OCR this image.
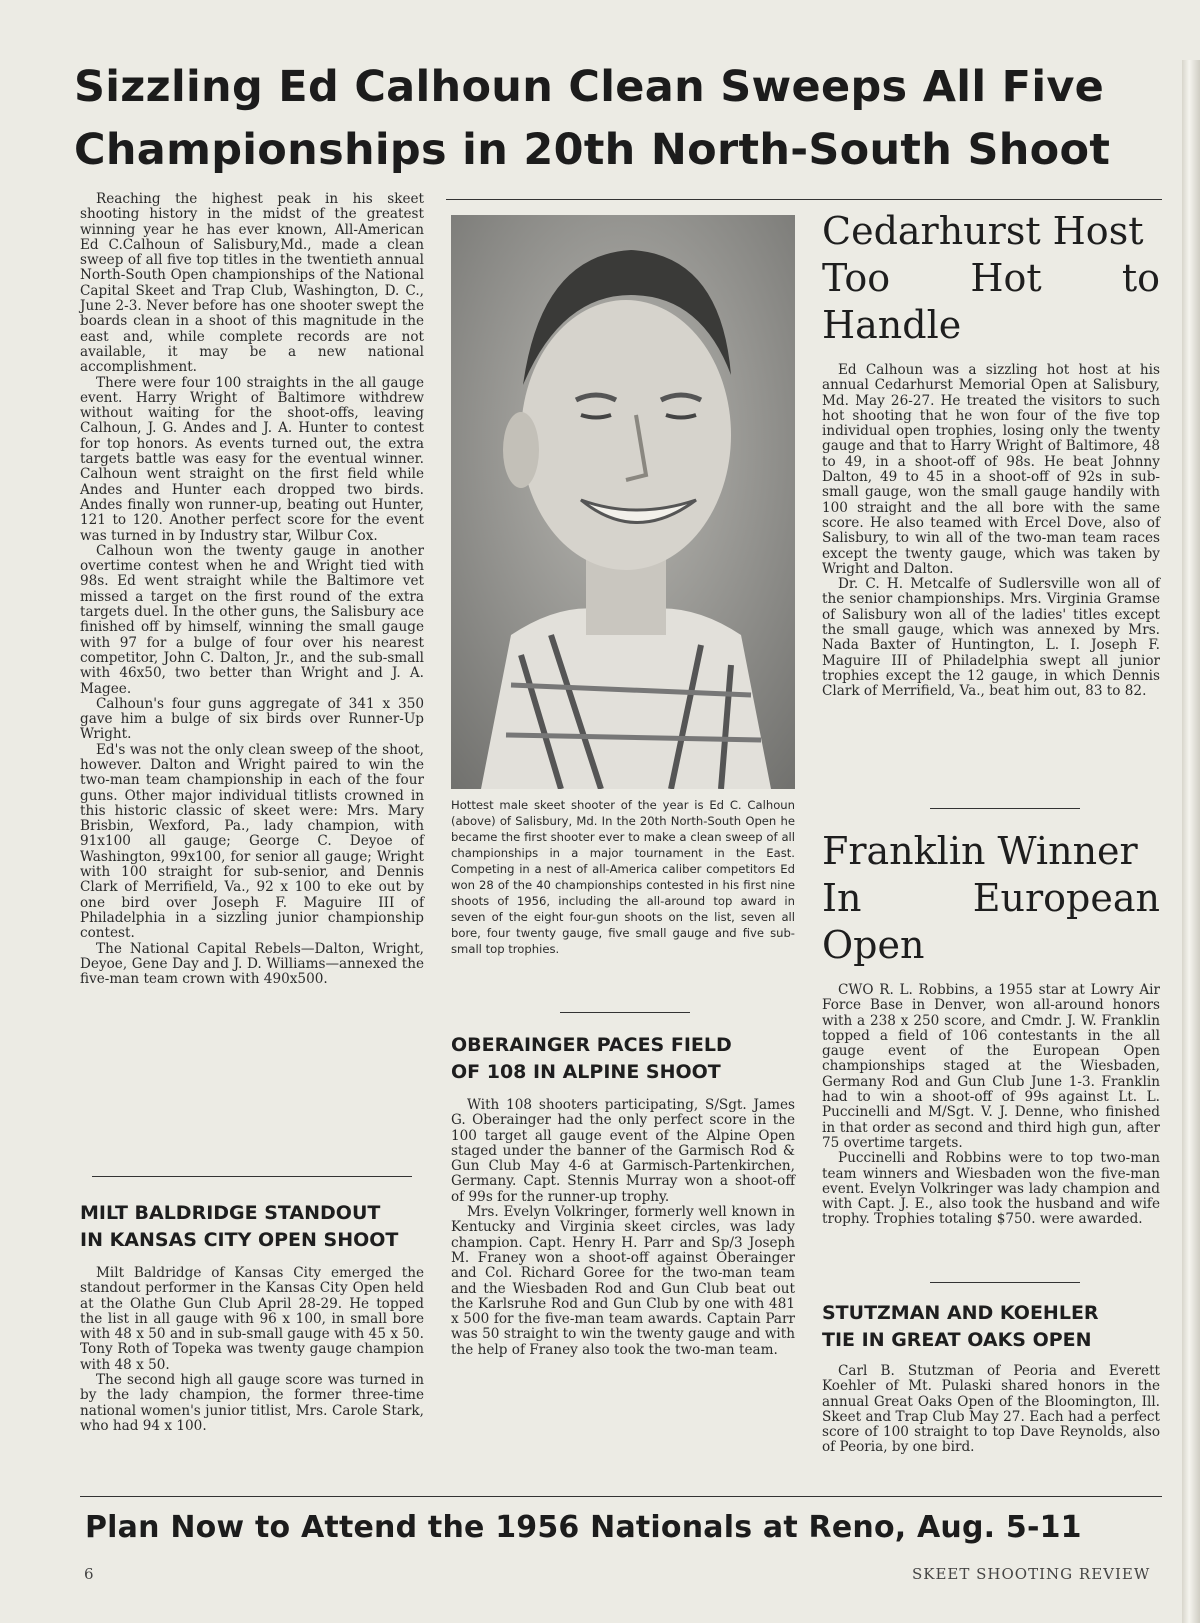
Sizzling Ed Calhoun Clean Sweeps All Five
Championships in 20th North-South Shoot

Reaching the highest peak in his skeet shooting history in the midst of the greatest winning year he has ever known, All-American Ed C.Calhoun of Salisbury,Md., made a clean sweep of all five top titles in the twentieth annual North-South Open championships of the National Capital Skeet and Trap Club, Washington, D. C., June 2-3. Never before has one shooter swept the boards clean in a shoot of this magnitude in the east and, while complete records are not available, it may be a new national accomplishment.

There were four 100 straights in the all gauge event. Harry Wright of Baltimore withdrew without waiting for the shoot-offs, leaving Calhoun, J. G. Andes and J. A. Hunter to contest for top honors. As events turned out, the extra targets battle was easy for the eventual winner. Calhoun went straight on the first field while Andes and Hunter each dropped two birds. Andes finally won runner-up, beating out Hunter, 121 to 120. Another perfect score for the event was turned in by Industry star, Wilbur Cox.

Calhoun won the twenty gauge in another overtime contest when he and Wright tied with 98s. Ed went straight while the Baltimore vet missed a target on the first round of the extra targets duel. In the other guns, the Salisbury ace finished off by himself, winning the small gauge with 97 for a bulge of four over his nearest competitor, John C. Dalton, Jr., and the sub-small with 46x50, two better than Wright and J. A. Magee.

Calhoun's four guns aggregate of 341 x 350 gave him a bulge of six birds over Runner-Up Wright.

Ed's was not the only clean sweep of the shoot, however. Dalton and Wright paired to win the two-man team championship in each of the four guns. Other major individual titlists crowned in this historic classic of skeet were: Mrs. Mary Brisbin, Wexford, Pa., lady champion, with 91x100 all gauge; George C. Deyoe of Washington, 99x100, for senior all gauge; Wright with 100 straight for sub-senior, and Dennis Clark of Merrifield, Va., 92 x 100 to eke out by one bird over Joseph F. Maguire III of Philadelphia in a sizzling junior championship contest.

The National Capital Rebels—Dalton, Wright, Deyoe, Gene Day and J. D. Williams—annexed the five-man team crown with 490x500.

MILT BALDRIDGE STANDOUT
IN KANSAS CITY OPEN SHOOT

Milt Baldridge of Kansas City emerged the standout performer in the Kansas City Open held at the Olathe Gun Club April 28-29. He topped the list in all gauge with 96 x 100, in small bore with 48 x 50 and in sub-small gauge with 45 x 50. Tony Roth of Topeka was twenty gauge champion with 48 x 50.

The second high all gauge score was turned in by the lady champion, the former three-time national women's junior titlist, Mrs. Carole Stark, who had 94 x 100.

Hottest male skeet shooter of the year is Ed C. Calhoun (above) of Salisbury, Md. In the 20th North-South Open he became the first shooter ever to make a clean sweep of all championships in a major tournament in the East. Competing in a nest of all-America caliber competitors Ed won 28 of the 40 championships contested in his first nine shoots of 1956, including the all-around top award in seven of the eight four-gun shoots on the list, seven all bore, four twenty gauge, five small gauge and five sub-small top trophies.
OBERAINGER PACES FIELD
OF 108 IN ALPINE SHOOT

With 108 shooters participating, S/Sgt. James G. Oberainger had the only perfect score in the 100 target all gauge event of the Alpine Open staged under the banner of the Garmisch Rod & Gun Club May 4-6 at Garmisch-Partenkirchen, Germany. Capt. Stennis Murray won a shoot-off of 99s for the runner-up trophy.

Mrs. Evelyn Volkringer, formerly well known in Kentucky and Virginia skeet circles, was lady champion. Capt. Henry H. Parr and Sp/3 Joseph M. Franey won a shoot-off against Oberainger and Col. Richard Goree for the two-man team and the Wiesbaden Rod and Gun Club beat out the Karlsruhe Rod and Gun Club by one with 481 x 500 for the five-man team awards. Captain Parr was 50 straight to win the twenty gauge and with the help of Franey also took the two-man team.

Cedarhurst Host
Too Hot to Handle

Ed Calhoun was a sizzling hot host at his annual Cedarhurst Memorial Open at Salisbury, Md. May 26-27. He treated the visitors to such hot shooting that he won four of the five top individual open trophies, losing only the twenty gauge and that to Harry Wright of Baltimore, 48 to 49, in a shoot-off of 98s. He beat Johnny Dalton, 49 to 45 in a shoot-off of 92s in sub-small gauge, won the small gauge handily with 100 straight and the all bore with the same score. He also teamed with Ercel Dove, also of Salisbury, to win all of the two-man team races except the twenty gauge, which was taken by Wright and Dalton.

Dr. C. H. Metcalfe of Sudlersville won all of the senior championships. Mrs. Virginia Gramse of Salisbury won all of the ladies' titles except the small gauge, which was annexed by Mrs. Nada Baxter of Huntington, L. I. Joseph F. Maguire III of Philadelphia swept all junior trophies except the 12 gauge, in which Dennis Clark of Merrifield, Va., beat him out, 83 to 82.

Franklin Winner
In European Open

CWO R. L. Robbins, a 1955 star at Lowry Air Force Base in Denver, won all-around honors with a 238 x 250 score, and Cmdr. J. W. Franklin topped a field of 106 contestants in the all gauge event of the European Open championships staged at the Wiesbaden, Germany Rod and Gun Club June 1-3. Franklin had to win a shoot-off of 99s against Lt. L. Puccinelli and M/Sgt. V. J. Denne, who finished in that order as second and third high gun, after 75 overtime targets.

Puccinelli and Robbins were to top two-man team winners and Wiesbaden won the five-man event. Evelyn Volkringer was lady champion and with Capt. J. E., also took the husband and wife trophy. Trophies totaling $750. were awarded.

STUTZMAN AND KOEHLER
TIE IN GREAT OAKS OPEN

Carl B. Stutzman of Peoria and Everett Koehler of Mt. Pulaski shared honors in the annual Great Oaks Open of the Bloomington, Ill. Skeet and Trap Club May 27. Each had a perfect score of 100 straight to top Dave Reynolds, also of Peoria, by one bird.

Plan Now to Attend the 1956 Nationals at Reno, Aug. 5-11
6	SKEET SHOOTING REVIEW
